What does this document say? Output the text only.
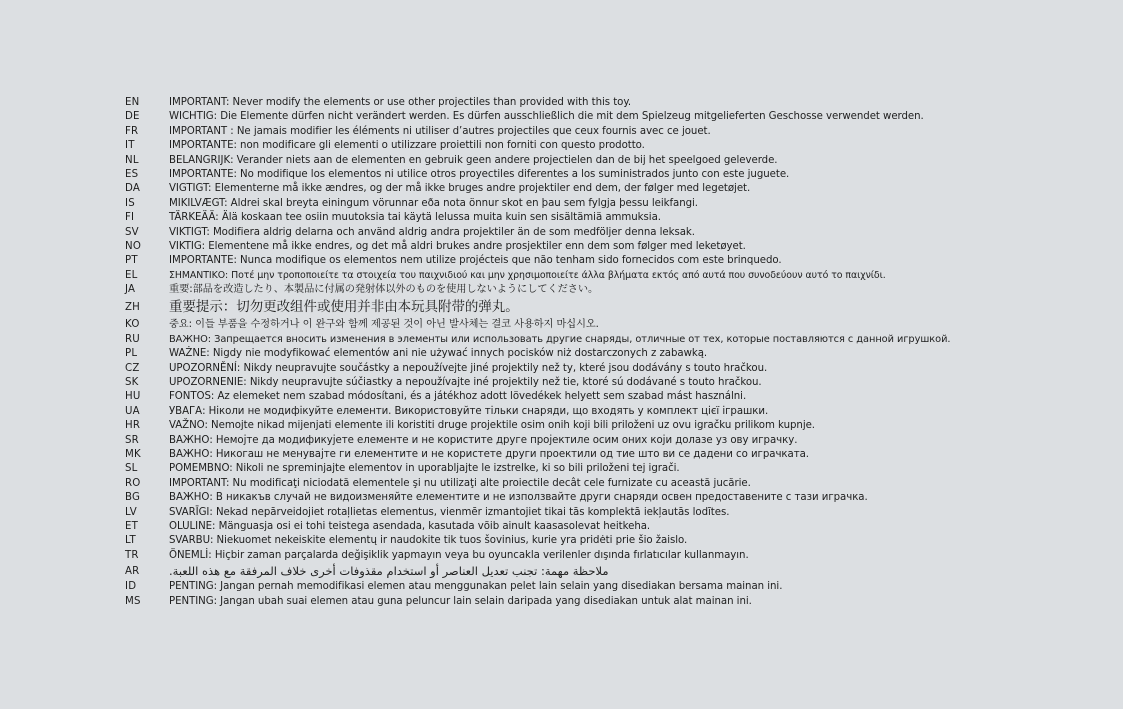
EN	IMPORTANT: Never modify the elements or use other projectiles than provided with this toy.
DE	WICHTIG: Die Elemente dürfen nicht verändert werden. Es dürfen ausschließlich die mit dem Spielzeug mitgelieferten Geschosse verwendet werden.
FR	IMPORTANT : Ne jamais modifier les éléments ni utiliser d’autres projectiles que ceux fournis avec ce jouet.
IT	IMPORTANTE: non modificare gli elementi o utilizzare proiettili non forniti con questo prodotto.
NL	BELANGRIJK: Verander niets aan de elementen en gebruik geen andere projectielen dan de bij het speelgoed geleverde.
ES	IMPORTANTE: No modifique los elementos ni utilice otros proyectiles diferentes a los suministrados junto con este juguete.
DA	VIGTIGT: Elementerne må ikke ændres, og der må ikke bruges andre projektiler end dem, der følger med legetøjet.
IS	MIKILVÆGT: Aldrei skal breyta einingum vörunnar eða nota önnur skot en þau sem fylgja þessu leikfangi.
FI	TÄRKEÄÄ: Älä koskaan tee osiin muutoksia tai käytä lelussa muita kuin sen sisältämiä ammuksia.
SV	VIKTIGT: Modifiera aldrig delarna och använd aldrig andra projektiler än de som medföljer denna leksak.
NO	VIKTIG: Elementene må ikke endres, og det må aldri brukes andre prosjektiler enn dem som følger med leketøyet.
PT	IMPORTANTE: Nunca modifique os elementos nem utilize projécteis que não tenham sido fornecidos com este brinquedo.
EL	ΣΗΜΑΝΤΙΚΟ: Ποτέ μην τροποποιείτε τα στοιχεία του παιχνιδιού και μην χρησιμοποιείτε άλλα βλήματα εκτός από αυτά που συνοδεύουν αυτό το παιχνίδι.
JA	重要:部品を改造したり、本製品に付属の発射体以外のものを使用しないようにしてください。
ZH	重要提示：切勿更改组件或使用并非由本玩具附带的弹丸。
KO	중요: 이들 부품을 수정하거나 이 완구와 함께 제공된 것이 아닌 발사체는 결코 사용하지 마십시오.
RU	ВАЖНО: Запрещается вносить изменения в элементы или использовать другие снаряды, отличные от тех, которые поставляются с данной игрушкой.
PL	WAŻNE: Nigdy nie modyfikować elementów ani nie używać innych pocisków niż dostarczonych z zabawką.
CZ	UPOZORNĚNÍ: Nikdy neupravujte součástky a nepoužívejte jiné projektily než ty, které jsou dodávány s touto hračkou.
SK	UPOZORNENIE: Nikdy neupravujte súčiastky a nepoužívajte iné projektily než tie, ktoré sú dodávané s touto hračkou.
HU	FONTOS: Az elemeket nem szabad módosítani, és a játékhoz adott lövedékek helyett sem szabad mást használni.
UA	УВАГА: Ніколи не модифікуйте елементи. Використовуйте тільки снаряди, що входять у комплект цієї іграшки.
HR	VAŽNO: Nemojte nikad mijenjati elemente ili koristiti druge projektile osim onih koji bili priloženi uz ovu igračku prilikom kupnje.
SR	ВАЖНО: Немојте да модификујете елементе и не користите друге пројектиле осим оних који долазе уз ову играчку.
MK	ВАЖНО: Никогаш не менувајте ги елементите и не користете други проектили од тие што ви се дадени со играчката.
SL	POMEMBNO: Nikoli ne spreminjajte elementov in uporabljajte le izstrelke, ki so bili priloženi tej igrači.
RO	IMPORTANT: Nu modificaţi niciodată elementele şi nu utilizaţi alte proiectile decât cele furnizate cu această jucărie.
BG	ВАЖНО: В никакъв случай не видоизменяйте елементите и не използвайте други снаряди освен предоставените с тази играчка.
LV	SVARĪGI: Nekad nepārveidojiet rotaļlietas elementus, vienmēr izmantojiet tikai tās komplektā iekļautās lodītes.
ET	OLULINE: Mänguasja osi ei tohi teistega asendada, kasutada võib ainult kaasasolevat heitkeha.
LT	SVARBU: Niekuomet nekeiskite elementų ir naudokite tik tuos šovinius, kurie yra pridėti prie šio žaislo.
TR	ÖNEMLİ: Hiçbir zaman parçalarda değişiklik yapmayın veya bu oyuncakla verilenler dışında fırlatıcılar kullanmayın.
AR	ملاحظة مهمة: تجنب تعديل العناصر أو استخدام مقذوفات أخرى خلاف المرفقة مع هذه اللعبة.
ID	PENTING: Jangan pernah memodifikasi elemen atau menggunakan pelet lain selain yang disediakan bersama mainan ini.
MS	PENTING: Jangan ubah suai elemen atau guna peluncur lain selain daripada yang disediakan untuk alat mainan ini.
